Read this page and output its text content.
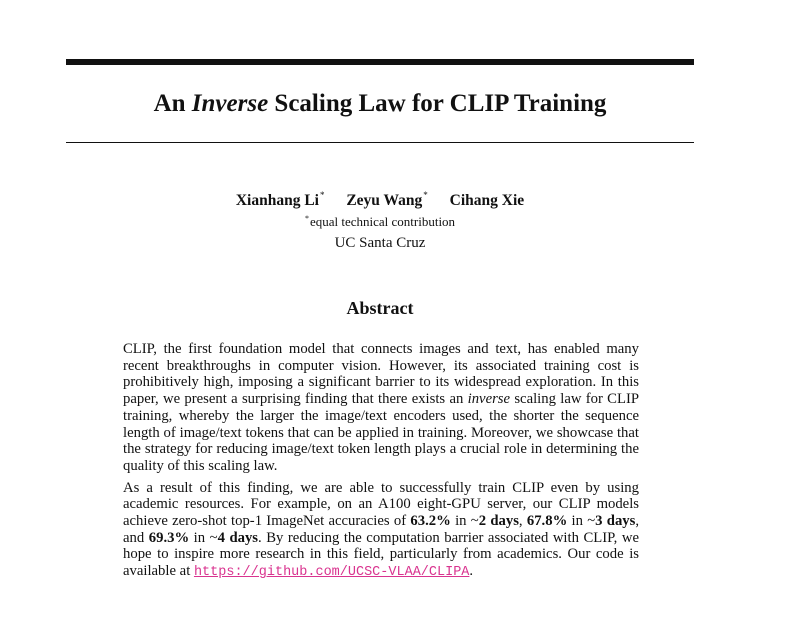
An Inverse Scaling Law for CLIP Training
Xianhang Li* Zeyu Wang* Cihang Xie
*equal technical contribution
UC Santa Cruz
Abstract

CLIP, the first foundation model that connects images and text, has enabled many recent breakthroughs in computer vision. However, its associated training cost is prohibitively high, imposing a significant barrier to its widespread exploration. In this paper, we present a surprising finding that there exists an inverse scaling law for CLIP training, whereby the larger the image/text encoders used, the shorter the sequence length of image/text tokens that can be applied in training. Moreover, we showcase that the strategy for reducing image/text token length plays a crucial role in determining the quality of this scaling law.

As a result of this finding, we are able to successfully train CLIP even by using academic resources. For example, on an A100 eight-GPU server, our CLIP models achieve zero-shot top-1 ImageNet accuracies of 63.2% in ~2 days, 67.8% in ~3 days, and 69.3% in ~4 days. By reducing the computation barrier associated with CLIP, we hope to inspire more research in this field, particularly from academics. Our code is available at https://github.com/UCSC-VLAA/CLIPA.
